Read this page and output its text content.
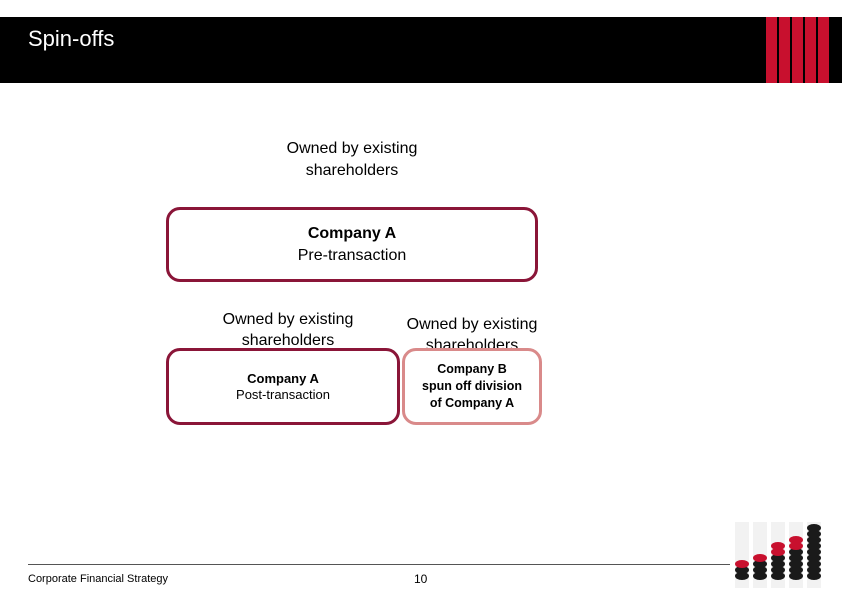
Spin-offs
Owned by existing shareholders
Company A
Pre-transaction
Owned by existing shareholders
Owned by existing shareholders
Company A
Post-transaction
Company B
spun off division
of Company A
Corporate Financial Strategy	10
